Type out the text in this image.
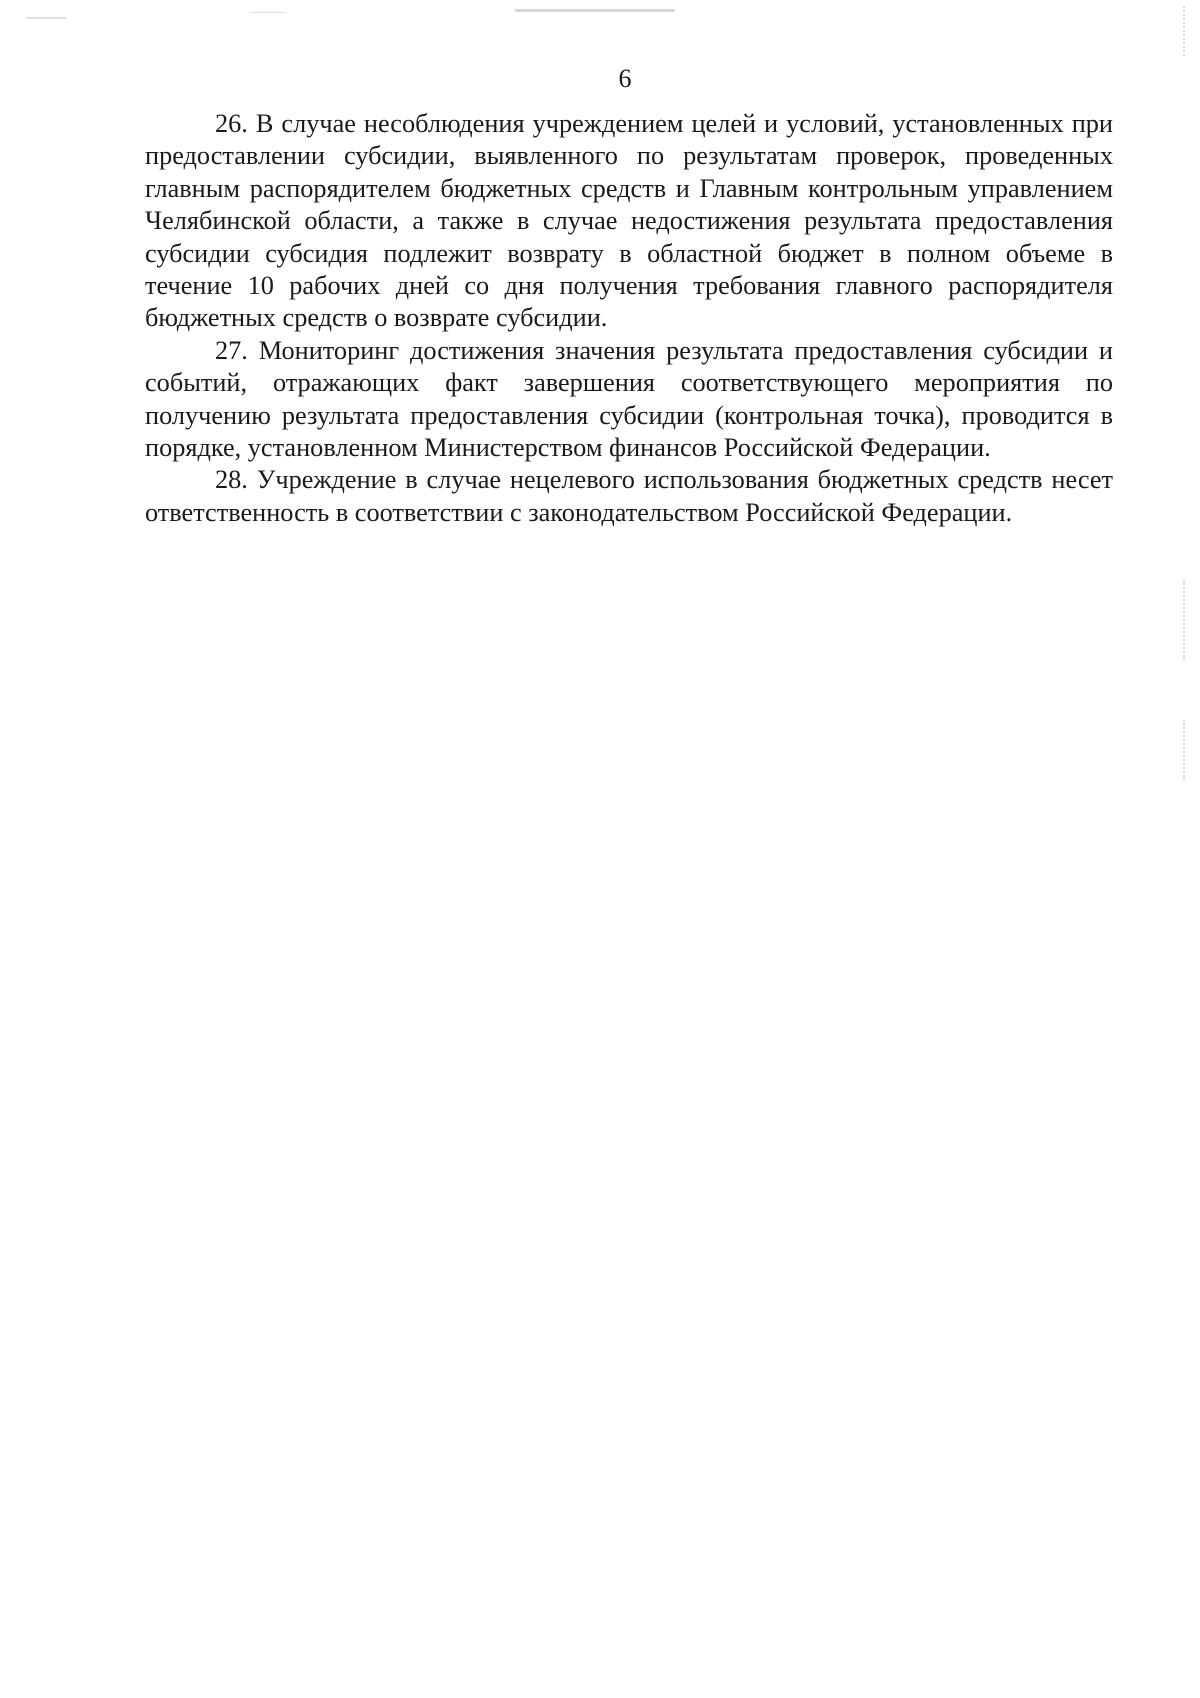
6

26. В случае несоблюдения учреждением целей и условий, установленных при предоставлении субсидии, выявленного по результатам проверок, проведенных главным распорядителем бюджетных средств и Главным контрольным управлением Челябинской области, а также в случае недостижения результата предоставления субсидии субсидия подлежит возврату в областной бюджет в полном объеме в течение 10 рабочих дней со дня получения требования главного распорядителя бюджетных средств о возврате субсидии.

27. Мониторинг достижения значения результата предоставления субсидии и событий, отражающих факт завершения соответствующего мероприятия по получению результата предоставления субсидии (контрольная точка), проводится в порядке, установленном Министерством финансов Российской Федерации.

28. Учреждение в случае нецелевого использования бюджетных средств несет ответственность в соответствии с законодательством Российской Федерации.
